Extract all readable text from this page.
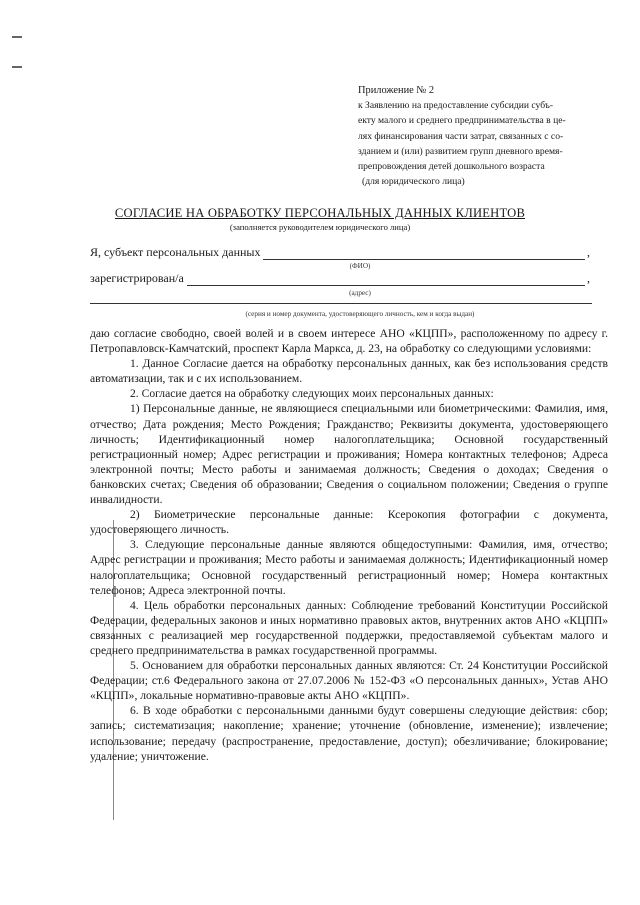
Приложение № 2
к Заявлению на предоставление субсидии субъ-
екту малого и среднего предпринимательства в це-
лях финансирования части затрат, связанных с со-
зданием и (или) развитием групп дневного время-
препровождения детей дошкольного возраста
(для юридического лица)
СОГЛАСИЕ НА ОБРАБОТКУ ПЕРСОНАЛЬНЫХ ДАННЫХ КЛИЕНТОВ
(заполняется руководителем юридического лица)
Я, субъект персональных данных	,
(ФИО)
зарегистрирован/а	,
(адрес)
(серия и номер документа, удостоверяющего личность, кем и когда выдан)

даю согласие свободно, своей волей и в своем интересе АНО «КЦПП», расположенному по адресу г. Петропавловск-Камчатский, проспект Карла Маркса, д. 23, на обработку со следующими условиями:

1. Данное Согласие дается на обработку персональных данных, как без использования средств автоматизации, так и с их использованием.

2. Согласие дается на обработку следующих моих персональных данных:

1) Персональные данные, не являющиеся специальными или биометрическими: Фамилия, имя, отчество; Дата рождения; Место Рождения; Гражданство; Реквизиты документа, удостоверяющего личность; Идентификационный номер налогоплательщика; Основной государственный регистрационный номер; Адрес регистрации и проживания; Номера контактных телефонов; Адреса электронной почты; Место работы и занимаемая должность; Сведения о доходах; Сведения о банковских счетах; Сведения об образовании; Сведения о социальном положении; Сведения о группе инвалидности.

2) Биометрические персональные данные: Ксерокопия фотографии с документа, удостоверяющего личность.

3. Следующие персональные данные являются общедоступными: Фамилия, имя, отчество; Адрес регистрации и проживания; Место работы и занимаемая должность; Идентификационный номер налогоплательщика; Основной государственный регистрационный номер; Номера контактных телефонов; Адреса электронной почты.

4. Цель обработки персональных данных: Соблюдение требований Конституции Российской Федерации, федеральных законов и иных нормативно правовых актов, внутренних актов АНО «КЦПП» связанных с реализацией мер государственной поддержки, предоставляемой субъектам малого и среднего предпринимательства в рамках государственной программы.

5. Основанием для обработки персональных данных являются: Ст. 24 Конституции Российской Федерации; ст.6 Федерального закона от 27.07.2006 № 152-ФЗ «О персональных данных», Устав АНО «КЦПП», локальные нормативно-правовые акты АНО «КЦПП».

6. В ходе обработки с персональными данными будут совершены следующие действия: сбор; запись; систематизация; накопление; хранение; уточнение (обновление, изменение); извлечение; использование; передачу (распространение, предоставление, доступ); обезличивание; блокирование; удаление; уничтожение.
